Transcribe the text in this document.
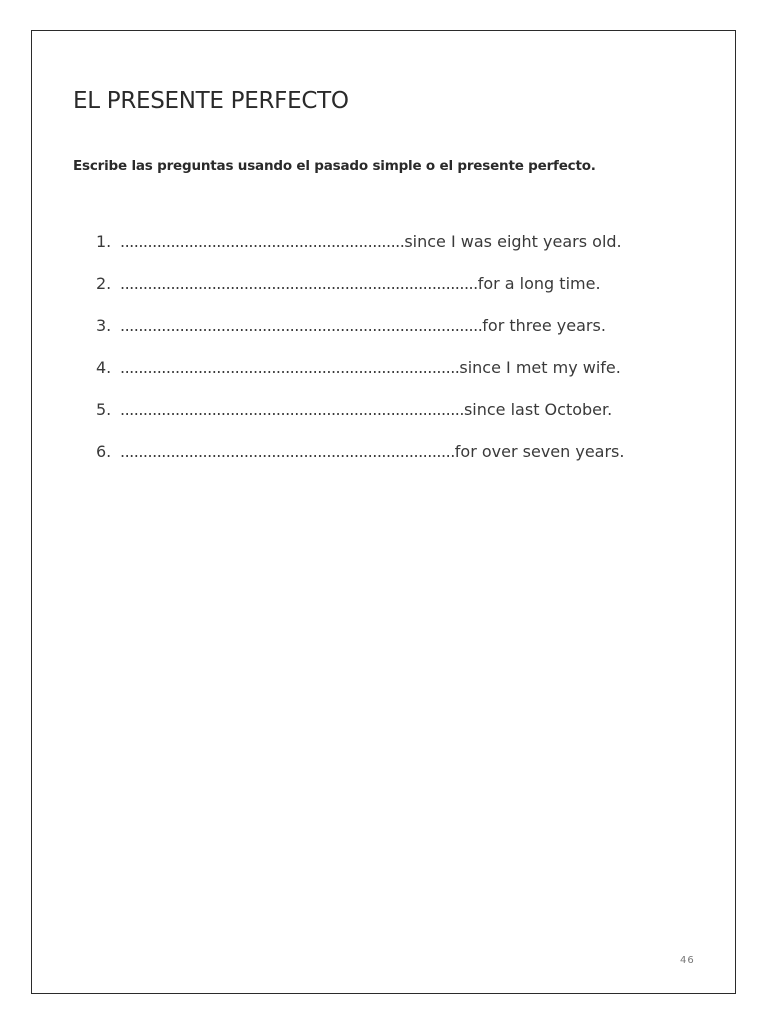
EL PRESENTE PERFECTO

Escribe las preguntas usando el pasado simple o el presente perfecto.

1. .............................................................. since I was eight years old.
2. .............................................................................. for a long time.
3. ............................................................................... for three years.
4. .......................................................................... since I met my wife.
5. ........................................................................... since last October.
6. ......................................................................... for over seven years.
46
